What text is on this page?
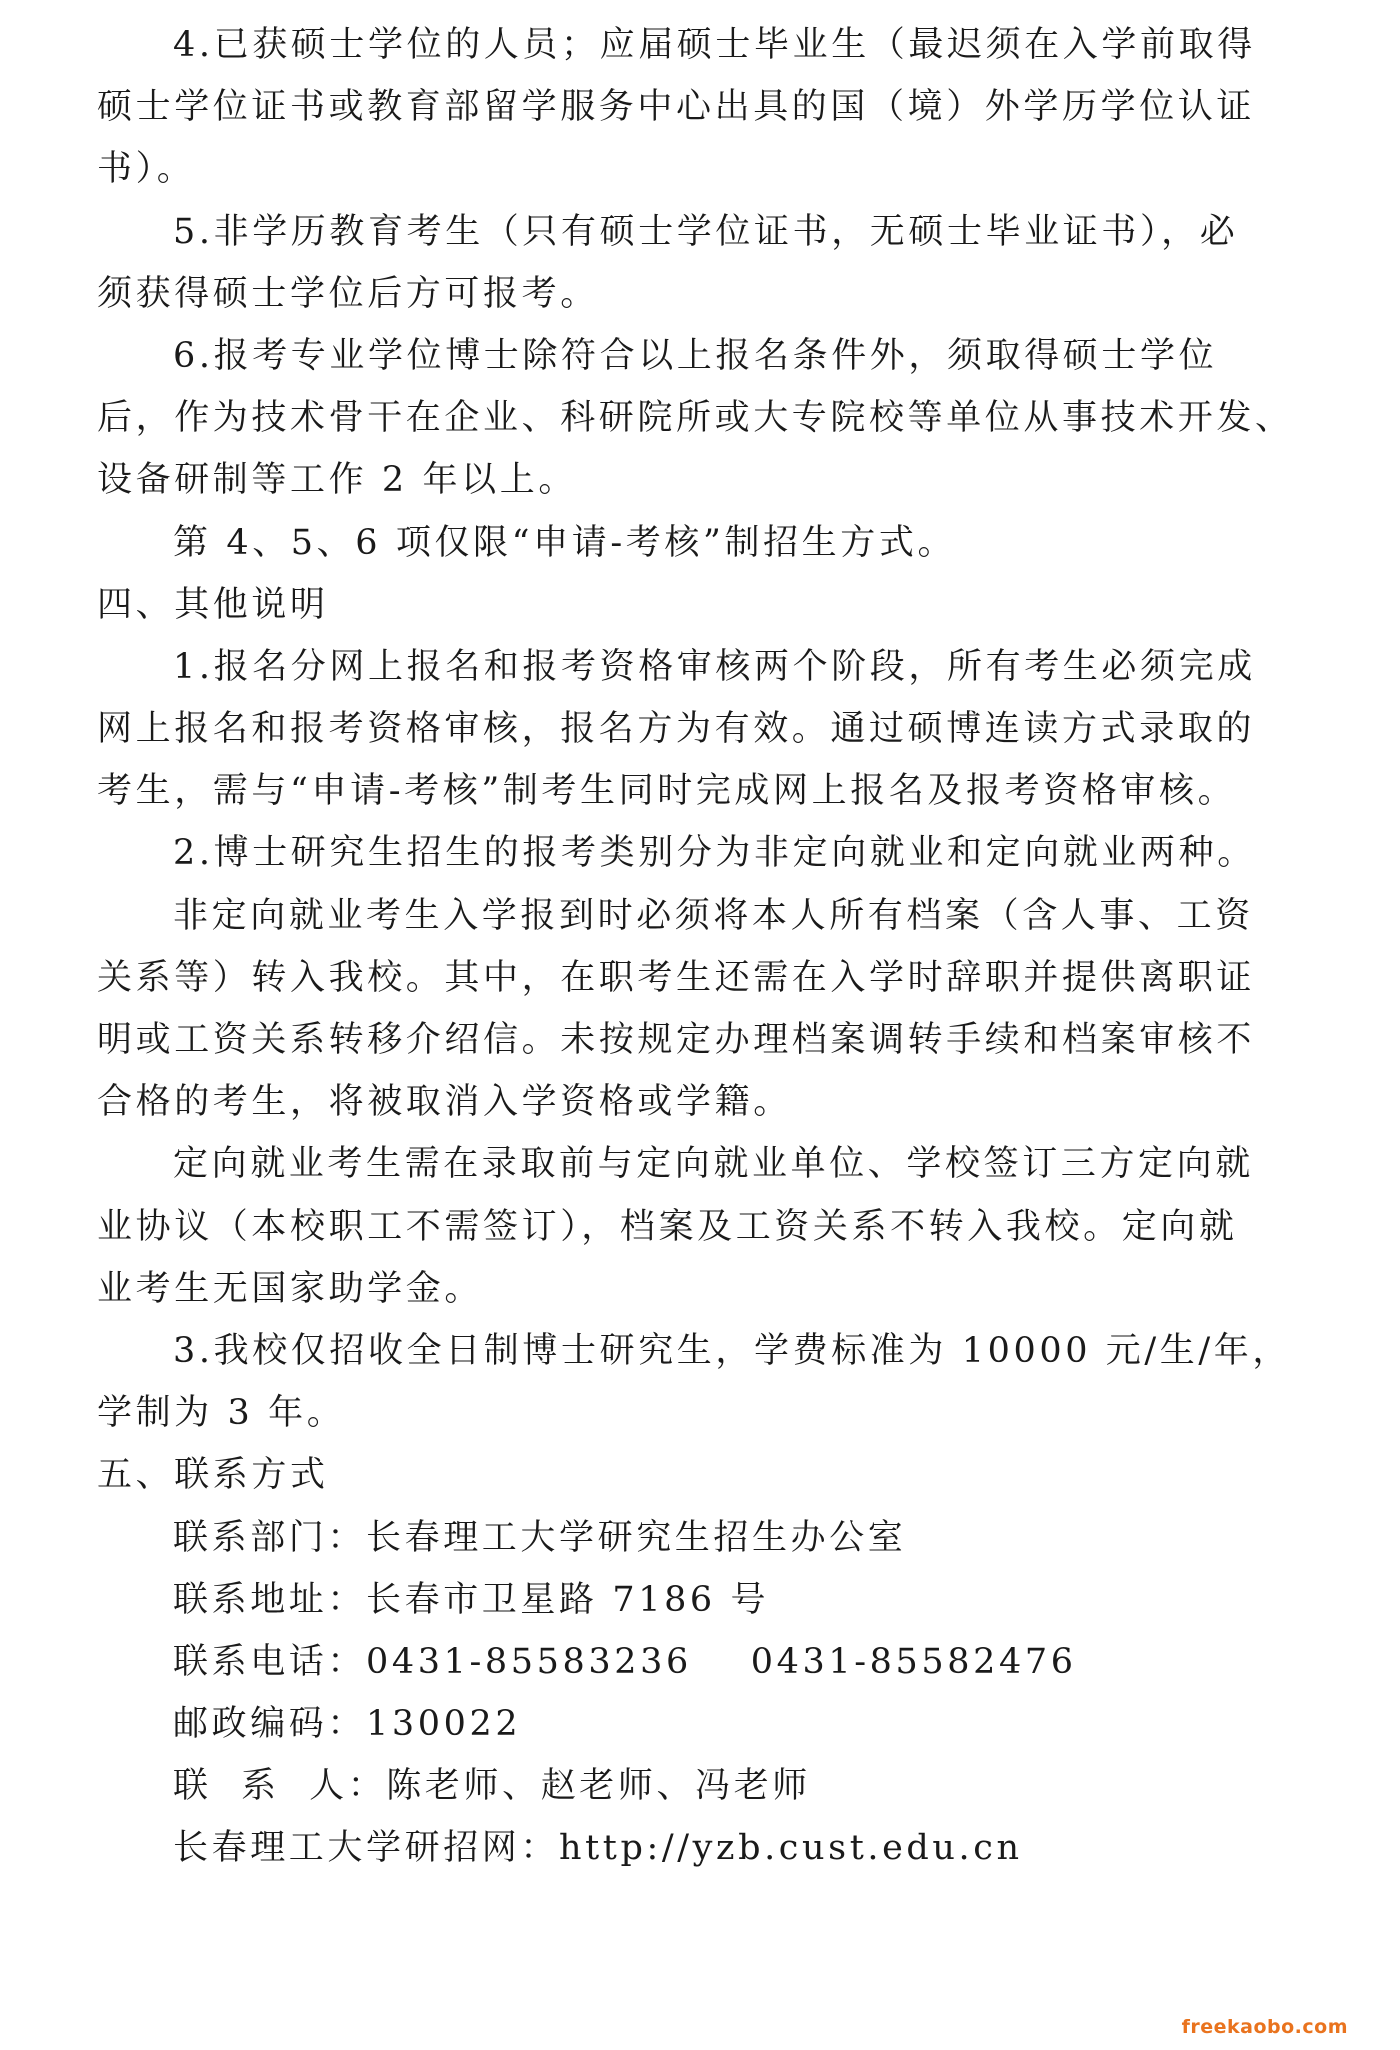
4.已获硕士学位的人员；应届硕士毕业生（最迟须在入学前取得
硕士学位证书或教育部留学服务中心出具的国（境）外学历学位认证
书）。
5.非学历教育考生（只有硕士学位证书，无硕士毕业证书），必
须获得硕士学位后方可报考。
6.报考专业学位博士除符合以上报名条件外，须取得硕士学位
后，作为技术骨干在企业、科研院所或大专院校等单位从事技术开发、
设备研制等工作 2 年以上。
第 4、5、6 项仅限“申请-考核”制招生方式。
四、其他说明
1.报名分网上报名和报考资格审核两个阶段，所有考生必须完成
网上报名和报考资格审核，报名方为有效。通过硕博连读方式录取的
考生，需与“申请-考核”制考生同时完成网上报名及报考资格审核。
2.博士研究生招生的报考类别分为非定向就业和定向就业两种。
非定向就业考生入学报到时必须将本人所有档案（含人事、工资
关系等）转入我校。其中，在职考生还需在入学时辞职并提供离职证
明或工资关系转移介绍信。未按规定办理档案调转手续和档案审核不
合格的考生，将被取消入学资格或学籍。
定向就业考生需在录取前与定向就业单位、学校签订三方定向就
业协议（本校职工不需签订），档案及工资关系不转入我校。定向就
业考生无国家助学金。
3.我校仅招收全日制博士研究生，学费标准为 10000 元/生/年，
学制为 3 年。
五、联系方式
联系部门：长春理工大学研究生招生办公室
联系地址：长春市卫星路 7186 号
联系电话：0431-85583236    0431-85582476
邮政编码：130022
联  系  人：陈老师、赵老师、冯老师
长春理工大学研招网：http://yzb.cust.edu.cn
freekaobo.com
